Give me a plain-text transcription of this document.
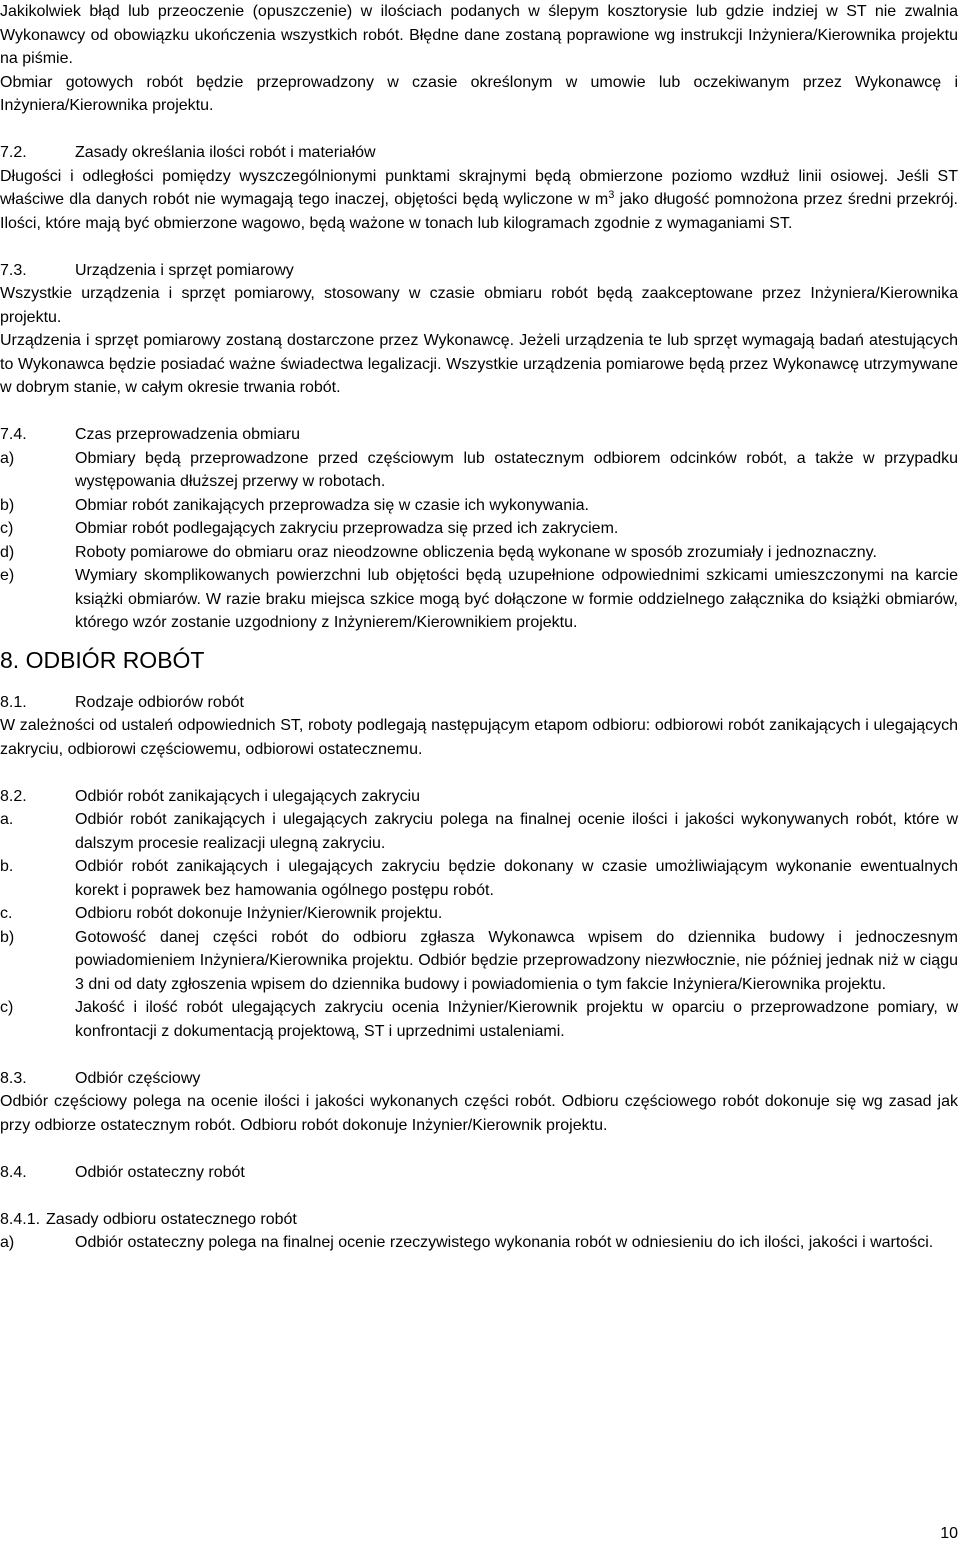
Jakikolwiek błąd lub przeoczenie (opuszczenie) w ilościach podanych w ślepym kosztorysie lub gdzie indziej w ST nie zwalnia Wykonawcy od obowiązku ukończenia wszystkich robót. Błędne dane zostaną poprawione wg instrukcji Inżyniera/Kierownika projektu na piśmie.

Obmiar gotowych robót będzie przeprowadzony w czasie określonym w umowie lub oczekiwanym przez Wykonawcę i Inżyniera/Kierownika projektu.

7.2.	Zasady określania ilości robót i materiałów

Długości i odległości pomiędzy wyszczególnionymi punktami skrajnymi będą obmierzone poziomo wzdłuż linii osiowej. Jeśli ST właściwe dla danych robót nie wymagają tego inaczej, objętości będą wyliczone w $m^3$ jako długość pomnożona przez średni przekrój. Ilości, które mają być obmierzone wagowo, będą ważone w tonach lub kilogramach zgodnie z wymaganiami ST.

7.3.	Urządzenia i sprzęt pomiarowy

Wszystkie urządzenia i sprzęt pomiarowy, stosowany w czasie obmiaru robót będą zaakceptowane przez Inżyniera/Kierownika projektu.

Urządzenia i sprzęt pomiarowy zostaną dostarczone przez Wykonawcę. Jeżeli urządzenia te lub sprzęt wymagają badań atestujących to Wykonawca będzie posiadać ważne świadectwa legalizacji. Wszystkie urządzenia pomiarowe będą przez Wykonawcę utrzymywane w dobrym stanie, w całym okresie trwania robót.

7.4.	Czas przeprowadzenia obmiaru
a)	Obmiary będą przeprowadzone przed częściowym lub ostatecznym odbiorem odcinków robót, a także w przypadku występowania dłuższej przerwy w robotach.
b)	Obmiar robót zanikających przeprowadza się w czasie ich wykonywania.
c)	Obmiar robót podlegających zakryciu przeprowadza się przed ich zakryciem.
d)	Roboty pomiarowe do obmiaru oraz nieodzowne obliczenia będą wykonane w sposób zrozumiały i jednoznaczny.
e)	Wymiary skomplikowanych powierzchni lub objętości będą uzupełnione odpowiednimi szkicami umieszczonymi na karcie książki obmiarów. W razie braku miejsca szkice mogą być dołączone w formie oddzielnego załącznika do książki obmiarów, którego wzór zostanie uzgodniony z Inżynierem/Kierownikiem projektu.

8. ODBIÓR ROBÓT

8.1.	Rodzaje odbiorów robót

W zależności od ustaleń odpowiednich ST, roboty podlegają następującym etapom odbioru: odbiorowi robót zanikających i ulegających zakryciu, odbiorowi częściowemu, odbiorowi ostatecznemu.

8.2.	Odbiór robót zanikających i ulegających zakryciu
a.	Odbiór robót zanikających i ulegających zakryciu polega na finalnej ocenie ilości i jakości wykonywanych robót, które w dalszym procesie realizacji ulegną zakryciu.
b.	Odbiór robót zanikających i ulegających zakryciu będzie dokonany w czasie umożliwiającym wykonanie ewentualnych korekt i poprawek bez hamowania ogólnego postępu robót.
c.	Odbioru robót dokonuje Inżynier/Kierownik projektu.
b)	Gotowość danej części robót do odbioru zgłasza Wykonawca wpisem do dziennika budowy i jednoczesnym powiadomieniem Inżyniera/Kierownika projektu. Odbiór będzie przeprowadzony niezwłocznie, nie później jednak niż w ciągu 3 dni od daty zgłoszenia wpisem do dziennika budowy i powiadomienia o tym fakcie Inżyniera/Kierownika projektu.
c)	Jakość i ilość robót ulegających zakryciu ocenia Inżynier/Kierownik projektu w oparciu o przeprowadzone pomiary, w konfrontacji z dokumentacją projektową, ST i uprzednimi ustaleniami.
8.3.	Odbiór częściowy

Odbiór częściowy polega na ocenie ilości i jakości wykonanych części robót. Odbioru częściowego robót dokonuje się wg zasad jak przy odbiorze ostatecznym robót. Odbioru robót dokonuje Inżynier/Kierownik projektu.

8.4.	Odbiór ostateczny robót
8.4.1. Zasady odbioru ostatecznego robót
a)	Odbiór ostateczny polega na finalnej ocenie rzeczywistego wykonania robót w odniesieniu do ich ilości, jakości i wartości.
10
